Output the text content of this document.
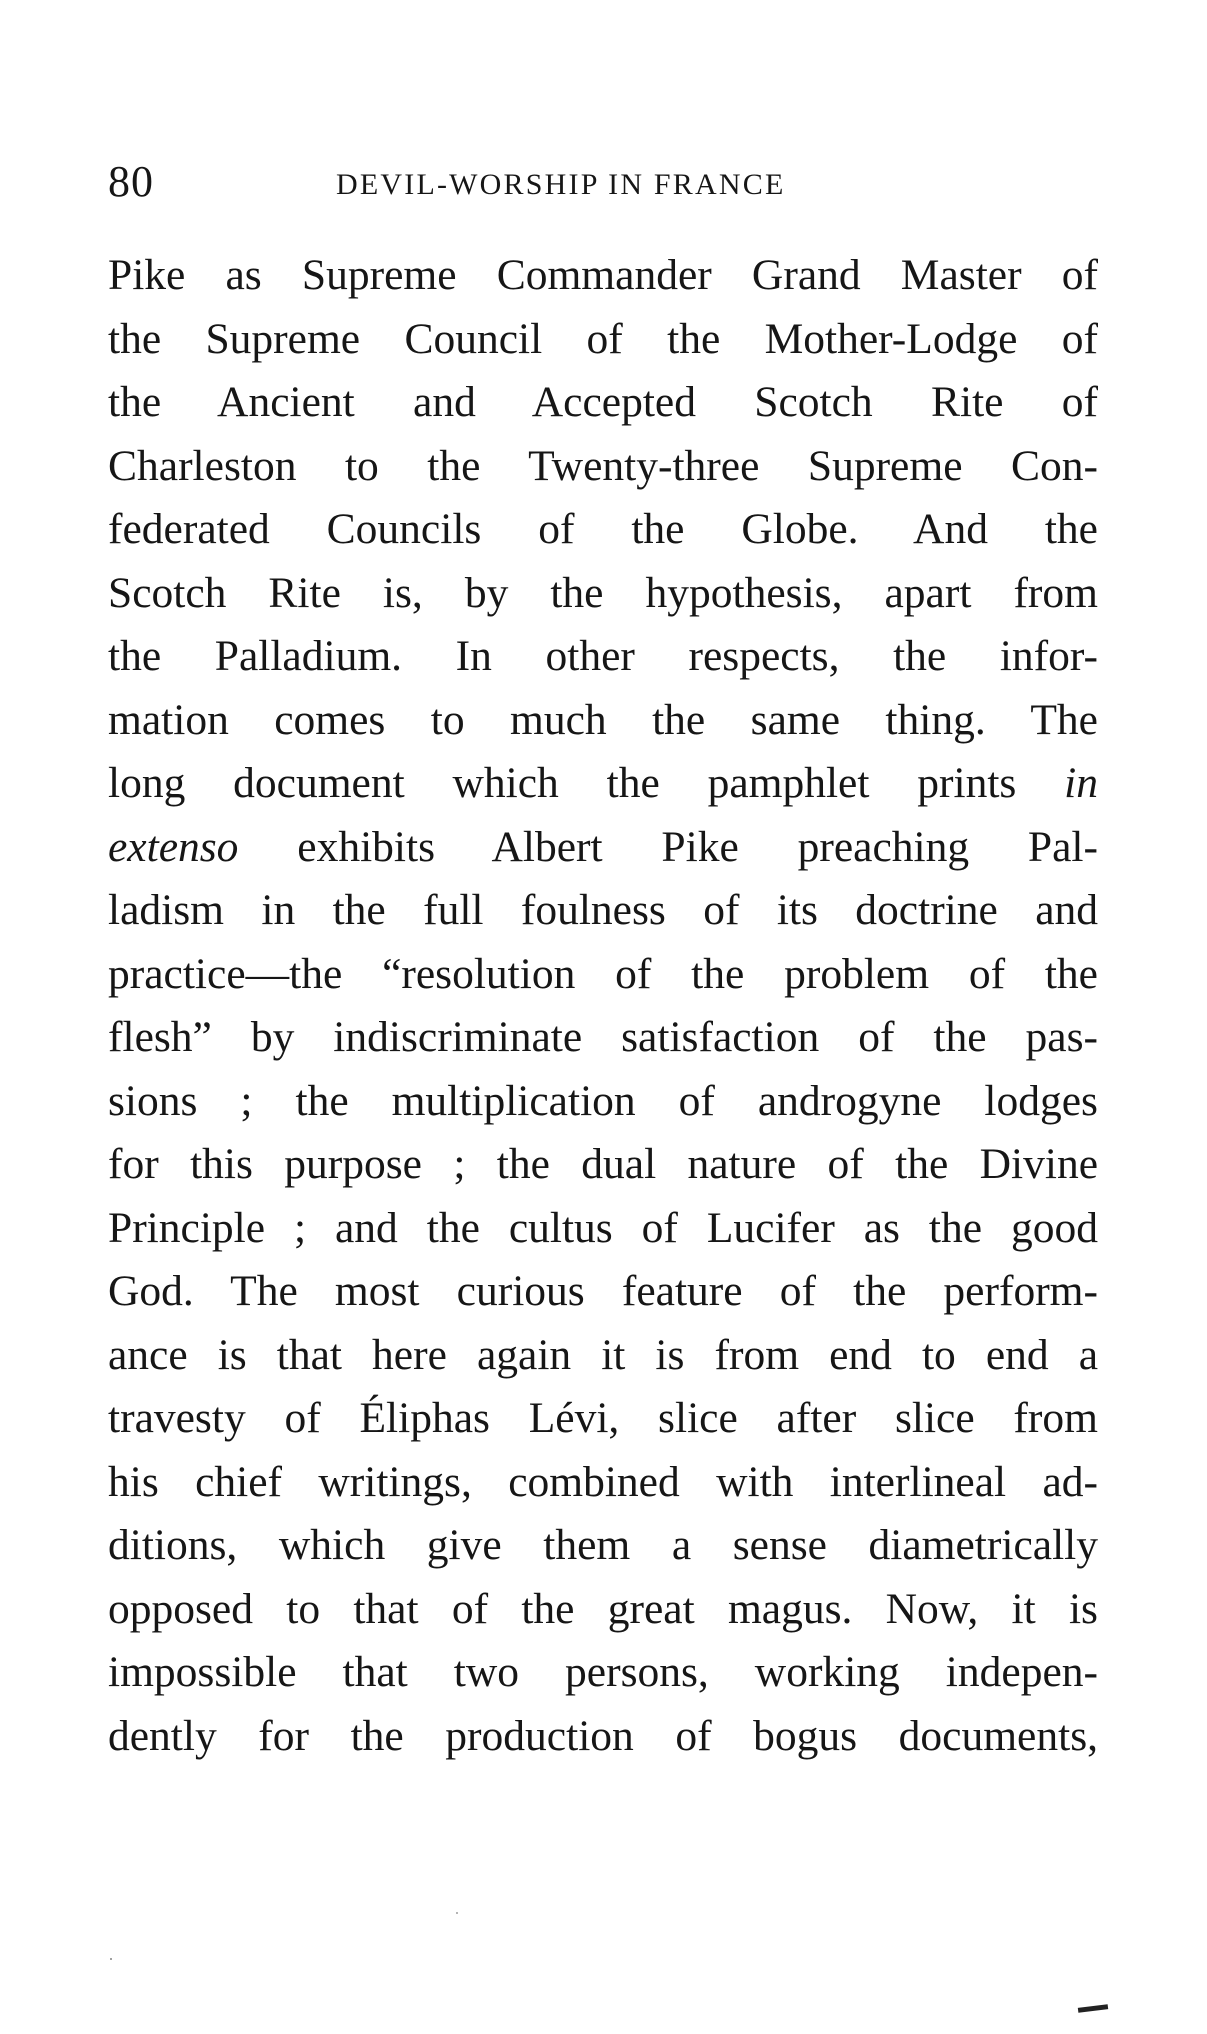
80	DEVIL-WORSHIP IN FRANCE
Pike as Supreme Commander Grand Master of
the Supreme Council of the Mother-Lodge of
the Ancient and Accepted Scotch Rite of
Charleston to the Twenty-three Supreme Con-
federated Councils of the Globe. And the
Scotch Rite is, by the hypothesis, apart from
the Palladium. In other respects, the infor-
mation comes to much the same thing. The
long document which the pamphlet prints in
extenso exhibits Albert Pike preaching Pal-
ladism in the full foulness of its doctrine and
practice—the “resolution of the problem of the
flesh” by indiscriminate satisfaction of the pas-
sions ; the multiplication of androgyne lodges
for this purpose ; the dual nature of the Divine
Principle ; and the cultus of Lucifer as the good
God. The most curious feature of the perform-
ance is that here again it is from end to end a
travesty of Éliphas Lévi, slice after slice from
his chief writings, combined with interlineal ad-
ditions, which give them a sense diametrically
opposed to that of the great magus. Now, it is
impossible that two persons, working indepen-
dently for the production of bogus documents,
